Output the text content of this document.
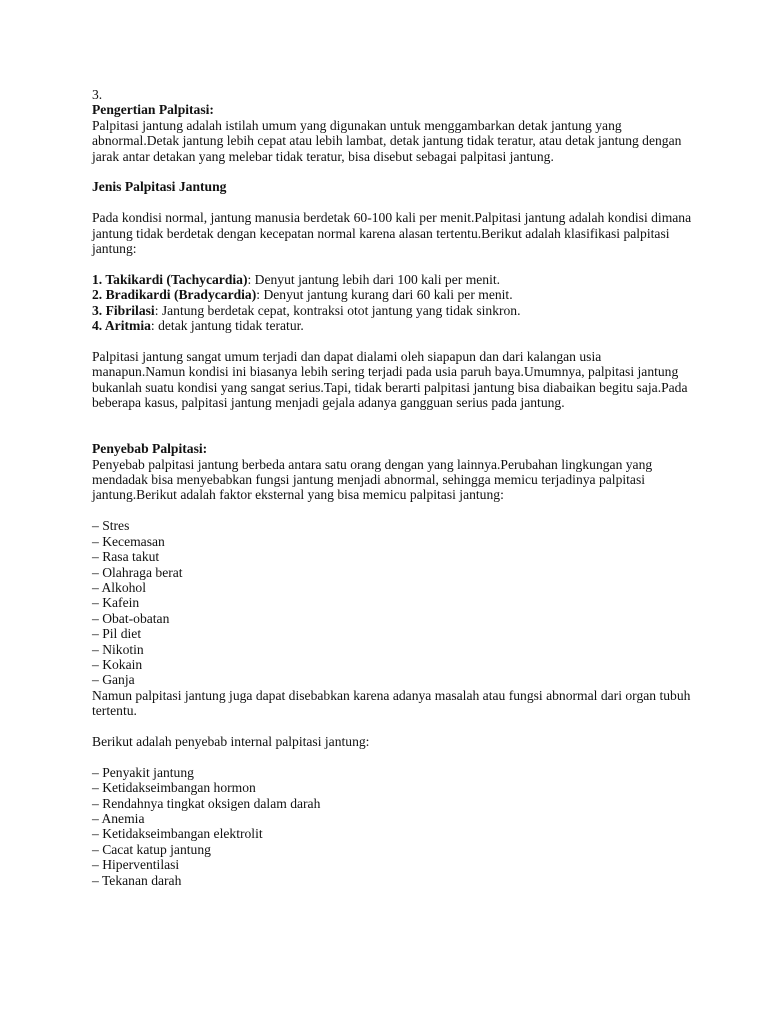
3.

Pengertian Palpitasi:

Palpitasi jantung adalah istilah umum yang digunakan untuk menggambarkan detak jantung yang abnormal.Detak jantung lebih cepat atau lebih lambat, detak jantung tidak teratur, atau detak jantung dengan jarak antar detakan yang melebar tidak teratur, bisa disebut sebagai palpitasi jantung.

Jenis Palpitasi Jantung

Pada kondisi normal, jantung manusia berdetak 60-100 kali per menit.Palpitasi jantung adalah kondisi dimana jantung tidak berdetak dengan kecepatan normal karena alasan tertentu.Berikut adalah klasifikasi palpitasi jantung:

1. Takikardi (Tachycardia): Denyut jantung lebih dari 100 kali per menit.

2. Bradikardi (Bradycardia): Denyut jantung kurang dari 60 kali per menit.

3. Fibrilasi: Jantung berdetak cepat, kontraksi otot jantung yang tidak sinkron.

4. Aritmia: detak jantung tidak teratur.

Palpitasi jantung sangat umum terjadi dan dapat dialami oleh siapapun dan dari kalangan usia manapun.Namun kondisi ini biasanya lebih sering terjadi pada usia paruh baya.Umumnya, palpitasi jantung bukanlah suatu kondisi yang sangat serius.Tapi, tidak berarti palpitasi jantung bisa diabaikan begitu saja.Pada beberapa kasus, palpitasi jantung menjadi gejala adanya gangguan serius pada jantung.

Penyebab Palpitasi:

Penyebab palpitasi jantung berbeda antara satu orang dengan yang lainnya.Perubahan lingkungan yang mendadak bisa menyebabkan fungsi jantung menjadi abnormal, sehingga memicu terjadinya palpitasi jantung.Berikut adalah faktor eksternal yang bisa memicu palpitasi jantung:

– Stres
– Kecemasan
– Rasa takut
– Olahraga berat
– Alkohol
– Kafein
– Obat-obatan
– Pil diet
– Nikotin
– Kokain
– Ganja

Namun palpitasi jantung juga dapat disebabkan karena adanya masalah atau fungsi abnormal dari organ tubuh tertentu.

Berikut adalah penyebab internal palpitasi jantung:

– Penyakit jantung
– Ketidakseimbangan hormon
– Rendahnya tingkat oksigen dalam darah
– Anemia
– Ketidakseimbangan elektrolit
– Cacat katup jantung
– Hiperventilasi
– Tekanan darah
